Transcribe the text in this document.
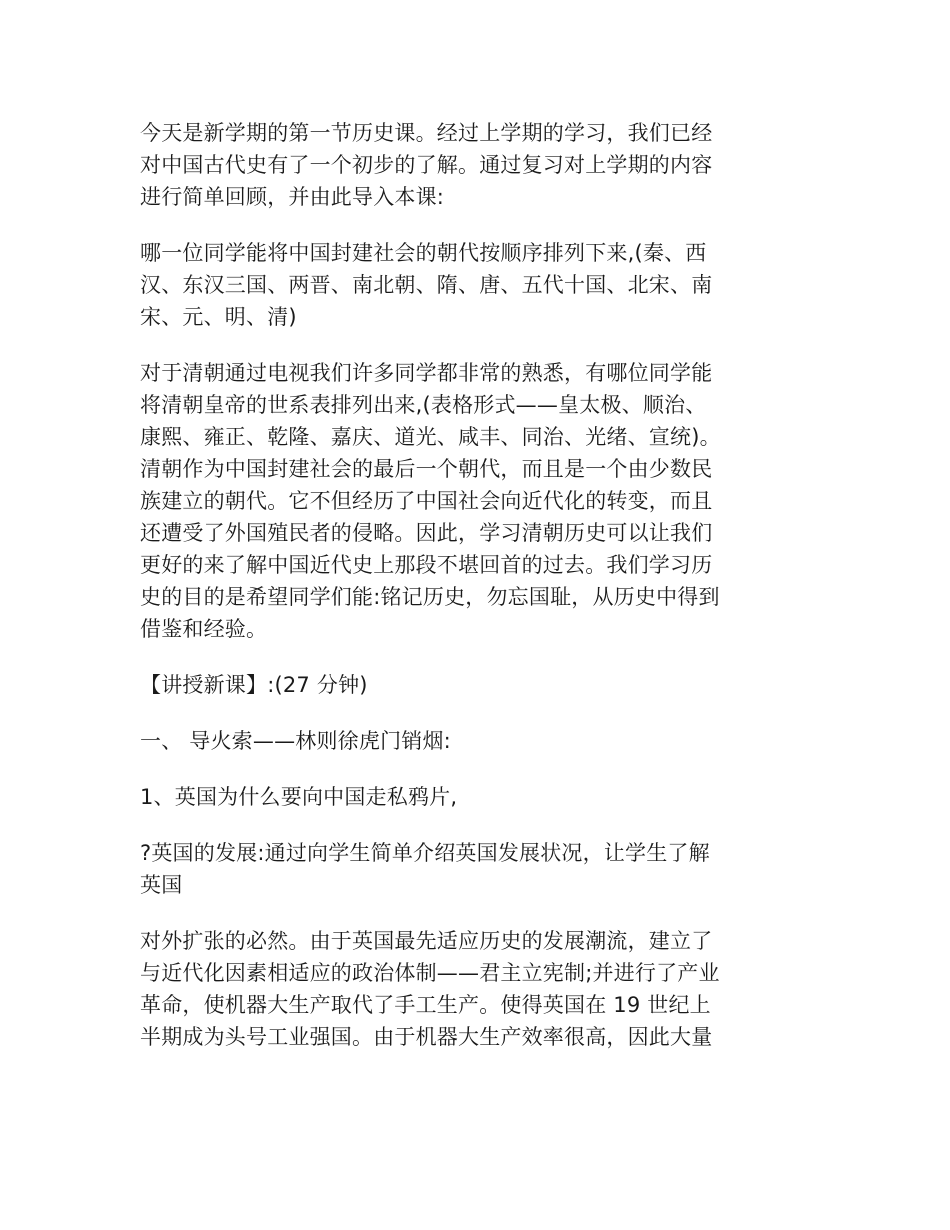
今天是新学期的第一节历史课。经过上学期的学习，我们已经
对中国古代史有了一个初步的了解。通过复习对上学期的内容
进行简单回顾，并由此导入本课:

哪一位同学能将中国封建社会的朝代按顺序排列下来,(秦、西
汉、东汉三国、两晋、南北朝、隋、唐、五代十国、北宋、南
宋、元、明、清)

对于清朝通过电视我们许多同学都非常的熟悉，有哪位同学能
将清朝皇帝的世系表排列出来,(表格形式——皇太极、顺治、
康熙、雍正、乾隆、嘉庆、道光、咸丰、同治、光绪、宣统)。
清朝作为中国封建社会的最后一个朝代，而且是一个由少数民
族建立的朝代。它不但经历了中国社会向近代化的转变，而且
还遭受了外国殖民者的侵略。因此，学习清朝历史可以让我们
更好的来了解中国近代史上那段不堪回首的过去。我们学习历
史的目的是希望同学们能:铭记历史，勿忘国耻，从历史中得到
借鉴和经验。

【讲授新课】:(27 分钟)

一、 导火索——林则徐虎门销烟:

1、英国为什么要向中国走私鸦片,

?英国的发展:通过向学生简单介绍英国发展状况，让学生了解
英国

对外扩张的必然。由于英国最先适应历史的发展潮流，建立了
与近代化因素相适应的政治体制——君主立宪制;并进行了产业
革命，使机器大生产取代了手工生产。使得英国在 19 世纪上
半期成为头号工业强国。由于机器大生产效率很高，因此大量
